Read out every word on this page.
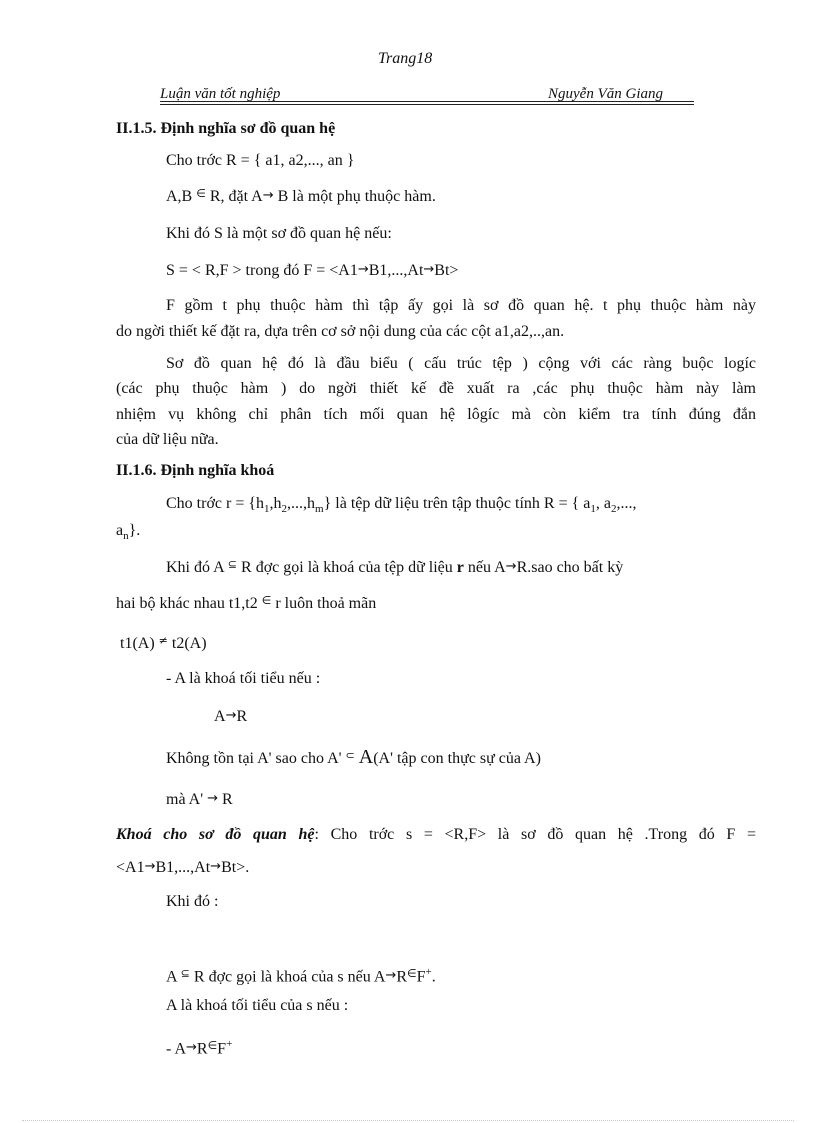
Trang18
Luận văn tốt nghiệp	Nguyễn Văn Giang
II.1.5. Định nghĩa sơ đồ quan hệ
Cho trớc R = { a1, a2,..., an }
A,B ∈ R, đặt A→ B là một phụ thuộc hàm.
Khi đó S là một sơ đồ quan hệ nếu:
S = < R,F > trong đó F = <A1→B1,...,At→Bt>
F gồm t phụ thuộc hàm thì tập ấy gọi là sơ đồ quan hệ. t phụ thuộc hàm này
do ngời thiết kế đặt ra, dựa trên cơ sở nội dung của các cột a1,a2,..,an.
Sơ đồ quan hệ đó là đầu biểu ( cấu trúc tệp ) cộng với các ràng buộc logíc
(các phụ thuộc hàm ) do ngời thiết kế đề xuất ra ,các phụ thuộc hàm này làm
nhiệm vụ không chỉ phân tích mối quan hệ lôgíc mà còn kiểm tra tính đúng đắn
của dữ liệu nữa.
II.1.6. Định nghĩa khoá
Cho trớc $r = \{h_1,h_2,...,h_m\}$ là tệp dữ liệu trên tập thuộc tính R = { $a_1$, $a_2$,...,
$a_n$}.
Khi đó A ⊆ R đợc gọi là khoá của tệp dữ liệu r nếu A→R.sao cho bất kỳ
hai bộ khác nhau t1,t2 ∈ r luôn thoả mãn
t1(A) ≠ t2(A)
- A là khoá tối tiểu nếu :
A→R
Không tồn tại A' sao cho A' ⊂ A(A' tập con thực sự của A)
mà A' → R
Khoá cho sơ đồ quan hệ: Cho trớc s = <R,F> là sơ đồ quan hệ .Trong đó F =
<A1→B1,...,At→Bt>.
Khi đó :
A ⊆ R đợc gọi là khoá của s nếu A→R∈F+.
A là khoá tối tiểu của s nếu :
- A→R∈F+
